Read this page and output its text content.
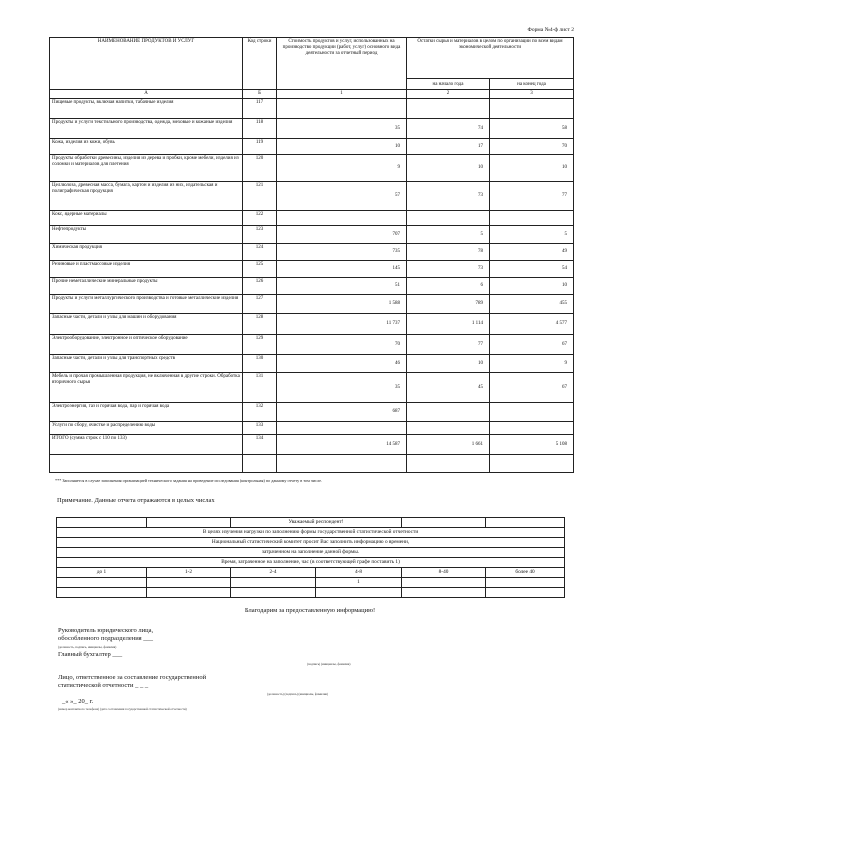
Форма №4-ф лист 2
НАИМЕНОВАНИЕ ПРОДУКТОВ И УСЛУГ	Код строки	Стоимость продуктов и услуг, использованных на производство продукции (работ, услуг) основного вида деятельности за отчетный период	Остатки сырья и материалов в целом по организации по всем видам экономической деятельности	
			на начало года	на конец года
А	Б	1	2	3
Пищевые продукты, включая напитки, табачные изделия	117			
Продукты и услуги текстильного производства, одежда, меховые и кожаные изделия	118	35	74	58
Кожа, изделия из кожи, обувь	119	10	17	70
Продукты обработки древесины, изделия из дерева и пробки, кроме мебели, изделия из соломки и материалов для плетения	120	9	10	10
Целлюлоза, древесная масса, бумага, картон и изделия из них, издательская и полиграфическая продукция	121	57	73	77
Кокс, ядерные материалы	122			
Нефтепродукты	123	707	5	5
Химическая продукция	124	735	78	49
Резиновые и пластмассовые изделия	125	145	73	54
Прочие неметаллические минеральные продукты	126	51	6	10
Продукты и услуги металлургического производства и готовые металлические изделия	127	1 588	789	455
Запасные части, детали и узлы для машин и оборудования	128	11 737	1 114	4 577
Электрооборудование, электронное и оптическое оборудование	129	70	77	67
Запасные части, детали и узлы для транспортных средств	130	46	10	9
Мебель и прочая промышленная продукция, не включенная в другие строки. Обработка вторичного сырья	131	35	45	67
Электроэнергия, газ и горячая вода, пар и горячая вода	132	687		
Услуги по сбору, очистке и распределению воды	133			
ИТОГО (сумма строк с 110 по 133)	134	14 587	1 661	5 108

*** Заполняется в случае заполнения организацией технического задания на проведение исследования (контрольная) по данному отчету в том числе.
Примечание. Данные отчета отражаются в целых числах
		Уважаемый респондент!			
В целях изучения нагрузки по заполнению формы государственной статистической отчетности					
Национальный статистический комитет просит Вас заполнить информацию о времени,					
затраченном на заполнение данной формы.					
Время, затраченное на заполнение, час (в соответствующей графе поставить 1)					
до 1	1-2	2-4	4-8	8-40	более 40
			1		

Благодарим за предоставленную информацию!
Руководитель юридического лица,
обособленного подразделения ___
(должность, подпись, инициалы, фамилия)
Главный бухгалтер ___
(подпись) (инициалы, фамилия)
Лицо, ответственное за составление государственной
статистической отчетности _ _ _
(должность) (подпись) (инициалы, фамилия)
_« »_ 20_ г.
(номер контактного телефона) (дата составления государственной статистической отчетности)
